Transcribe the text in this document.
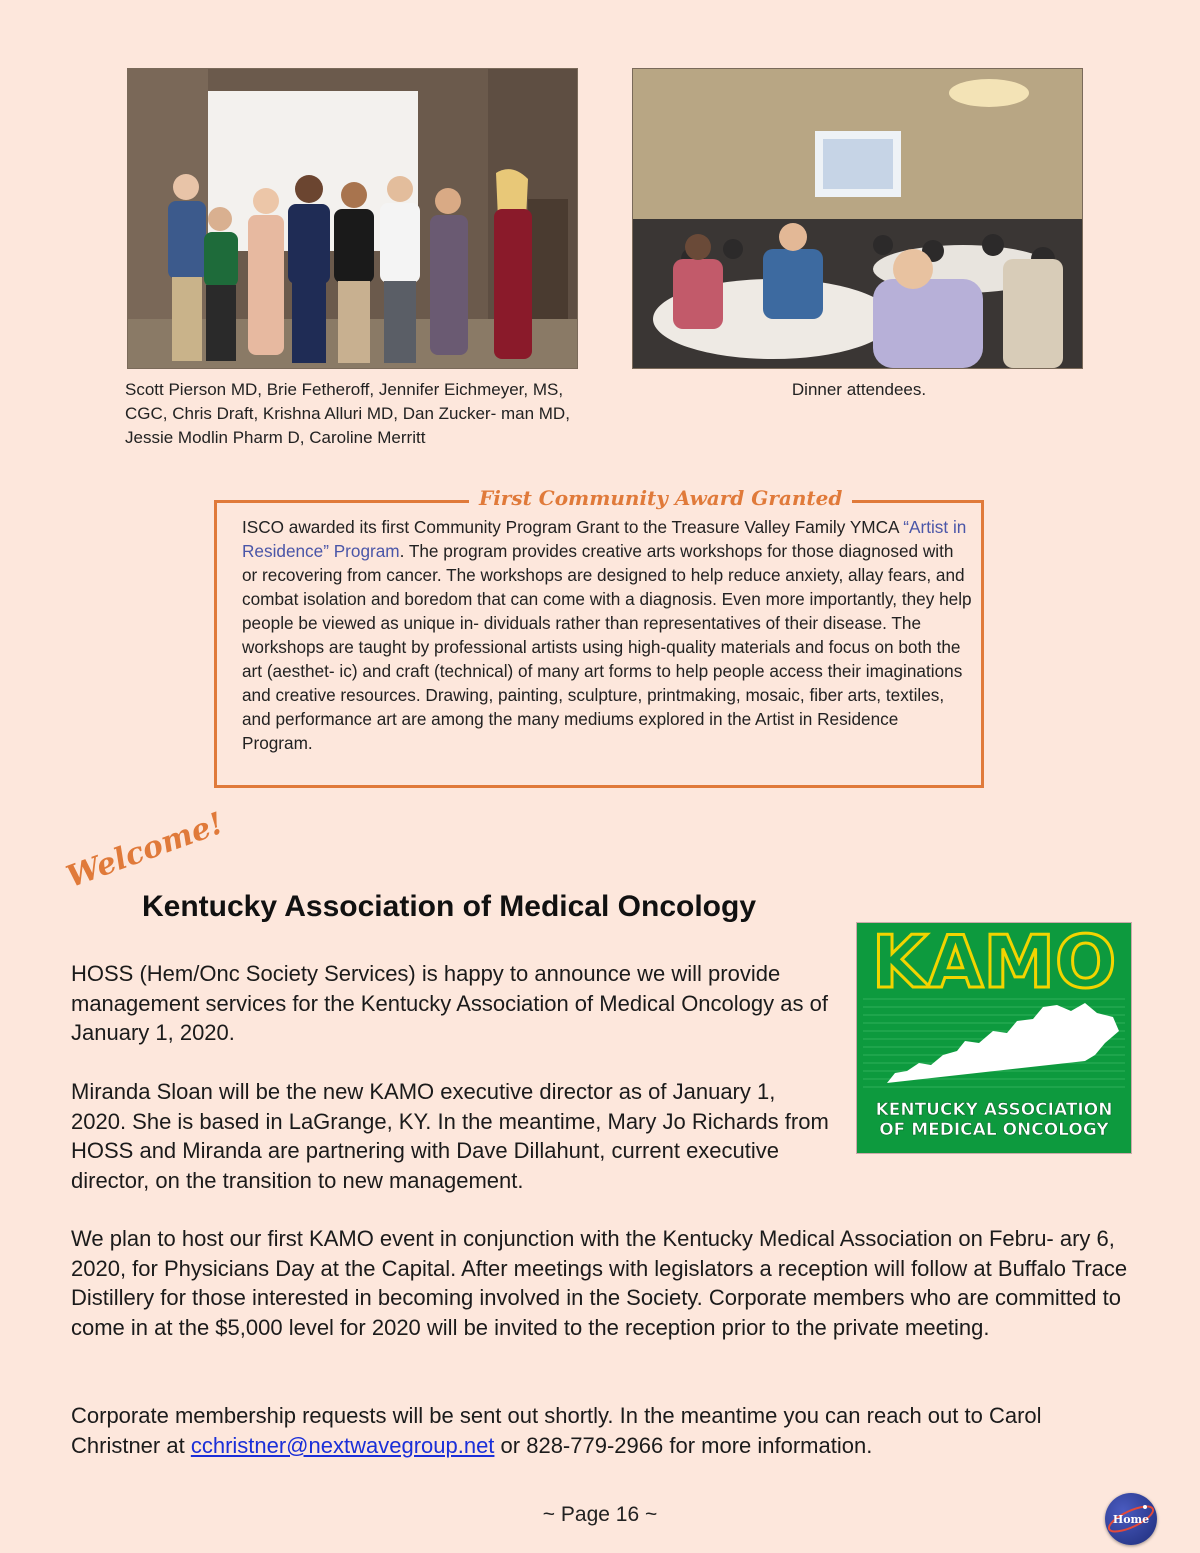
Scott Pierson MD, Brie Fetheroff, Jennifer Eichmeyer, MS, CGC, Chris Draft, Krishna Alluri MD, Dan Zucker- man MD, Jessie Modlin Pharm D, Caroline Merritt
Dinner attendees.
First Community Award Granted
ISCO awarded its first Community Program Grant to the Treasure Valley Family YMCA “Artist in Residence” Program. The program provides creative arts workshops for those diagnosed with or recovering from cancer. The workshops are designed to help reduce anxiety, allay fears, and combat isolation and boredom that can come with a diagnosis. Even more importantly, they help people be viewed as unique in- dividuals rather than representatives of their disease. The workshops are taught by professional artists using high-quality materials and focus on both the art (aesthet- ic) and craft (technical) of many art forms to help people access their imaginations and creative resources. Drawing, painting, sculpture, printmaking, mosaic, fiber arts, textiles, and performance art are among the many mediums explored in the Artist in Residence Program.
Welcome!
Kentucky Association of Medical Oncology

HOSS (Hem/Onc Society Services) is happy to announce we will provide management services for the Kentucky Association of Medical Oncology as of January 1, 2020.

Miranda Sloan will be the new KAMO executive director as of January 1, 2020. She is based in LaGrange, KY. In the meantime, Mary Jo Richards from HOSS and Miranda are partnering with Dave Dillahunt, current executive director, on the transition to new management.

We plan to host our first KAMO event in conjunction with the Kentucky Medical Association on Febru- ary 6, 2020, for Physicians Day at the Capital. After meetings with legislators a reception will follow at Buffalo Trace Distillery for those interested in becoming involved in the Society. Corporate members who are committed to come in at the $5,000 level for 2020 will be invited to the reception prior to the private meeting.

Corporate membership requests will be sent out shortly. In the meantime you can reach out to Carol Christner at cchristner@nextwavegroup.net or 828-779-2966 for more information.

KAMO
KENTUCKY ASSOCIATION
OF MEDICAL ONCOLOGY
~ Page 16 ~	Home
